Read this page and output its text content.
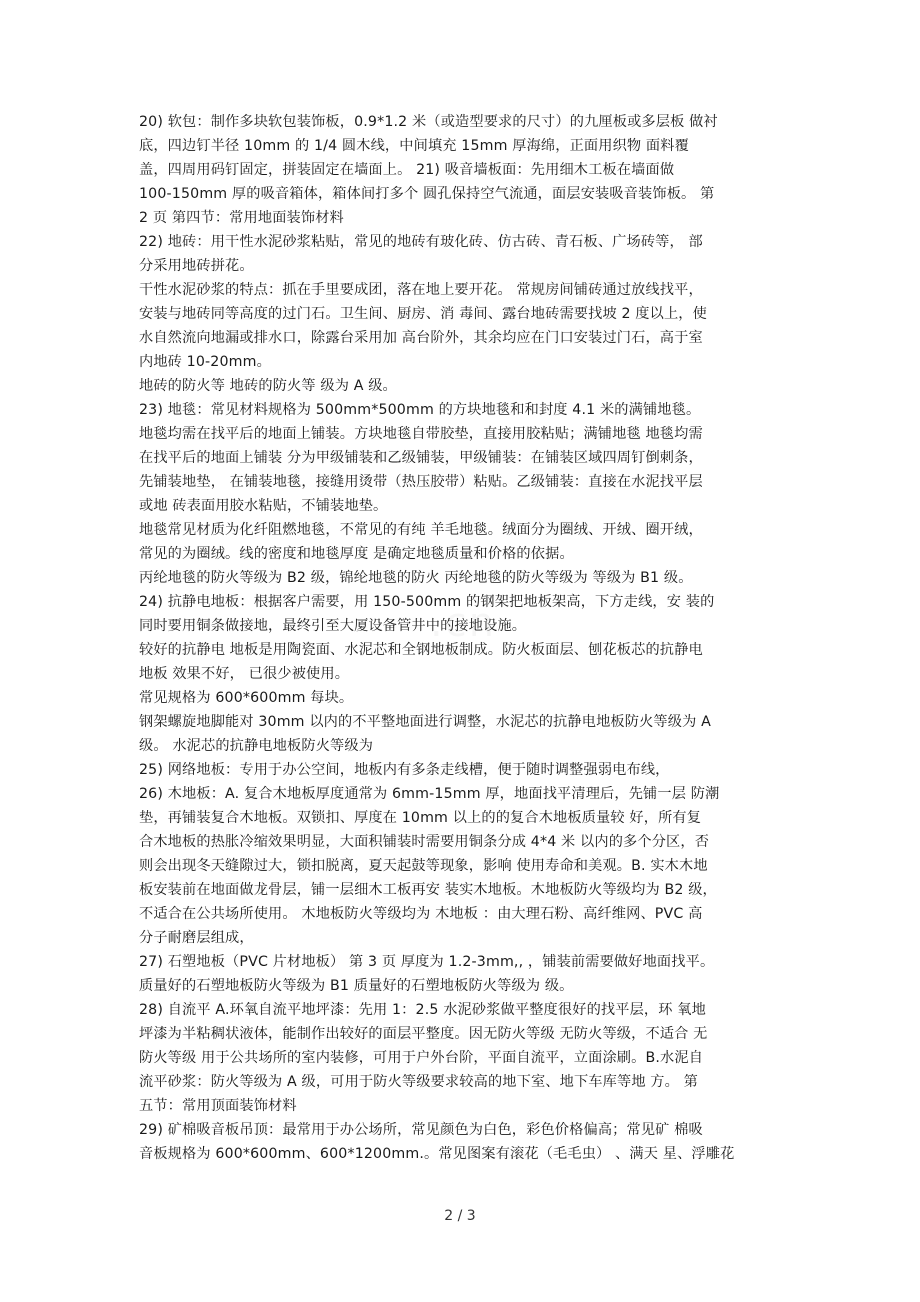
20) 软包：制作多块软包装饰板，0.9*1.2 米（或造型要求的尺寸）的九厘板或多层板 做衬
底，四边钉半径 10mm 的 1/4 圆木线，中间填充 15mm 厚海绵，正面用织物 面料覆
盖，四周用码钉固定，拼装固定在墙面上。 21) 吸音墙板面：先用细木工板在墙面做
100-150mm 厚的吸音箱体，箱体间打多个 圆孔保持空气流通，面层安装吸音装饰板。 第
2 页 第四节：常用地面装饰材料
22) 地砖：用干性水泥砂浆粘贴，常见的地砖有玻化砖、仿古砖、青石板、广场砖等， 部
分采用地砖拼花。
干性水泥砂浆的特点：抓在手里要成团，落在地上要开花。 常规房间铺砖通过放线找平，
安装与地砖同等高度的过门石。卫生间、厨房、消 毒间、露台地砖需要找坡 2 度以上，使
水自然流向地漏或排水口，除露台采用加 高台阶外，其余均应在门口安装过门石，高于室
内地砖 10-20mm。
地砖的防火等 地砖的防火等 级为 A 级。
23) 地毯：常见材料规格为 500mm*500mm 的方块地毯和和封度 4.1 米的满铺地毯。
地毯均需在找平后的地面上铺装。方块地毯自带胶垫，直接用胶粘贴；满铺地毯 地毯均需
在找平后的地面上铺装 分为甲级铺装和乙级铺装，甲级铺装：在铺装区域四周钉倒刺条，
先铺装地垫， 在铺装地毯，接缝用烫带（热压胶带）粘贴。乙级铺装：直接在水泥找平层
或地 砖表面用胶水粘贴，不铺装地垫。
地毯常见材质为化纤阻燃地毯，不常见的有纯 羊毛地毯。绒面分为圈绒、开绒、圈开绒，
常见的为圈绒。线的密度和地毯厚度 是确定地毯质量和价格的依据。
丙纶地毯的防火等级为 B2 级，锦纶地毯的防火 丙纶地毯的防火等级为 等级为 B1 级。
24) 抗静电地板：根据客户需要，用 150-500mm 的钢架把地板架高，下方走线，安 装的
同时要用铜条做接地，最终引至大厦设备管井中的接地设施。
较好的抗静电 地板是用陶瓷面、水泥芯和全钢地板制成。防火板面层、刨花板芯的抗静电
地板 效果不好， 已很少被使用。
常见规格为 600*600mm 每块。
钢架螺旋地脚能对 30mm 以内的不平整地面进行调整，水泥芯的抗静电地板防火等级为 A
级。 水泥芯的抗静电地板防火等级为
25) 网络地板：专用于办公空间，地板内有多条走线槽，便于随时调整强弱电布线，
26) 木地板：A. 复合木地板厚度通常为 6mm-15mm 厚，地面找平清理后，先铺一层 防潮
垫，再铺装复合木地板。双锁扣、厚度在 10mm 以上的的复合木地板质量较 好，所有复
合木地板的热胀冷缩效果明显，大面积铺装时需要用铜条分成 4*4 米 以内的多个分区，否
则会出现冬天缝隙过大，锁扣脱离，夏天起鼓等现象，影响 使用寿命和美观。B. 实木木地
板安装前在地面做龙骨层，铺一层细木工板再安 装实木地板。木地板防火等级均为 B2 级，
不适合在公共场所使用。 木地板防火等级均为 木地板 ：由大理石粉、高纤维网、PVC 高
分子耐磨层组成，
27) 石塑地板（PVC 片材地板） 第 3 页 厚度为 1.2-3mm,, ，铺装前需要做好地面找平。
质量好的石塑地板防火等级为 B1 质量好的石塑地板防火等级为 级。
28) 自流平 A.环氧自流平地坪漆：先用 1：2.5 水泥砂浆做平整度很好的找平层，环 氧地
坪漆为半粘稠状液体，能制作出较好的面层平整度。因无防火等级 无防火等级，不适合 无
防火等级 用于公共场所的室内装修，可用于户外台阶，平面自流平，立面涂刷。B.水泥自
流平砂浆：防火等级为 A 级，可用于防火等级要求较高的地下室、地下车库等地 方。 第
五节：常用顶面装饰材料
29) 矿棉吸音板吊顶：最常用于办公场所，常见颜色为白色，彩色价格偏高；常见矿 棉吸
音板规格为 600*600mm、600*1200mm.。常见图案有滚花（毛毛虫） 、满天 星、浮雕花
2 / 3
